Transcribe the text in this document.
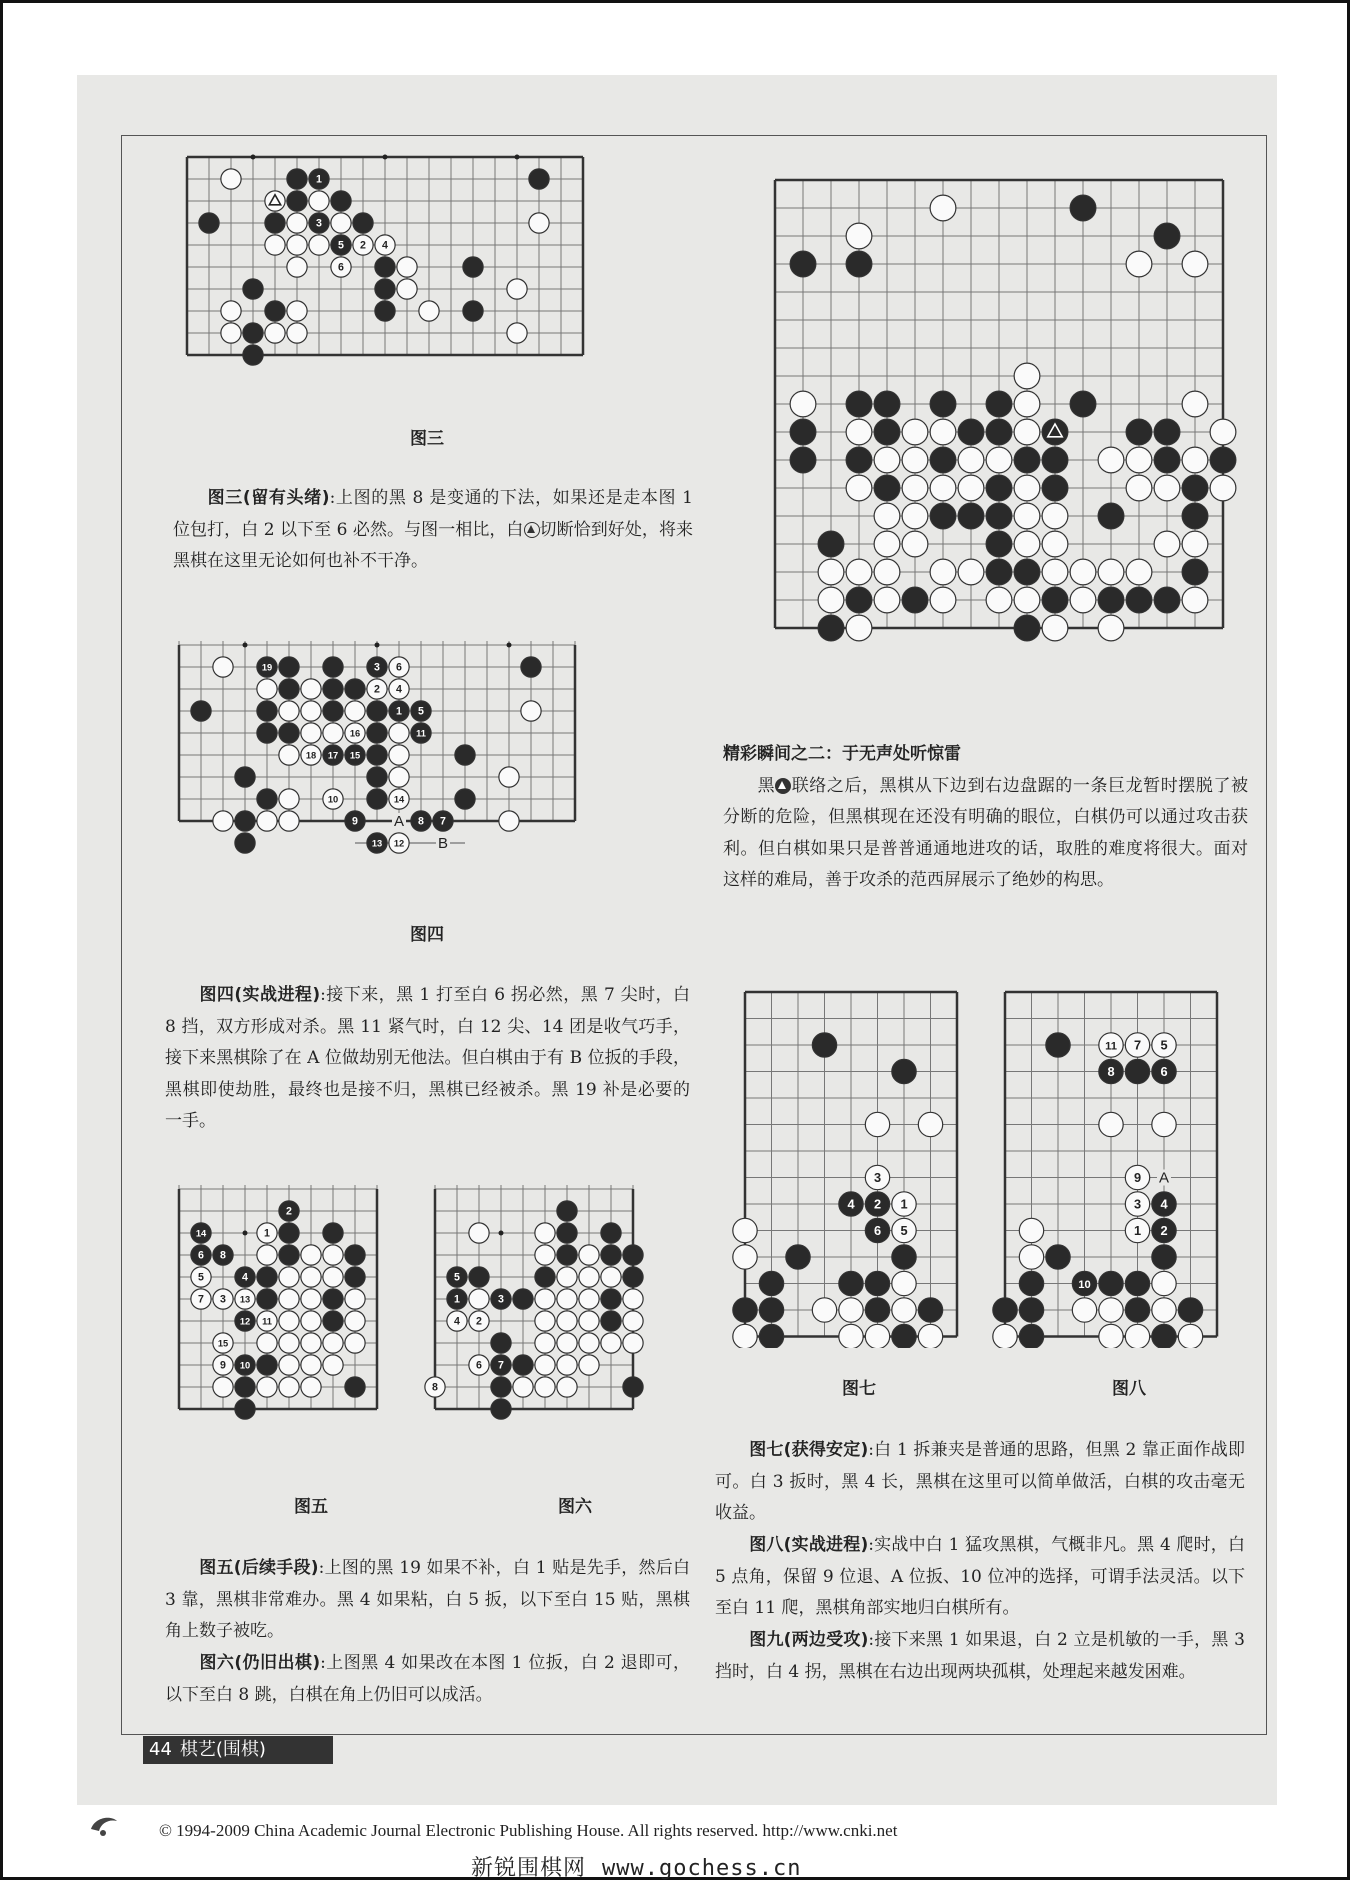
1
3
5 2 4
6
图三
图三(留有头绪):上图的黑 8 是变通的下法，如果还是走本图 1 位包打，白 2 以下至 6 必然。与图一相比，白 切断恰到好处，将来黑棋在这里无论如何也补不干净。
19	3 6
2 4
1 5
16	11
18 17 15
10	14
9	8 7
13 12
A
B
图四
图四(实战进程):接下来，黑 1 打至白 6 拐必然，黑 7 尖时，白 8 挡，双方形成对杀。黑 11 紧气时，白 12 尖、14 团是收气巧手，接下来黑棋除了在 A 位做劫别无他法。但白棋由于有 B 位扳的手段，黑棋即使劫胜，最终也是接不归，黑棋已经被杀。黑 19 补是必要的一手。
2
14	1
6 8
5	4
7 3 13
12 11
15
9 10
图五
5
1	3
4 2
6 7
8
图六
图五(后续手段):上图的黑 19 如果不补，白 1 贴是先手，然后白 3 靠，黑棋非常难办。黑 4 如果粘，白 5 扳，以下至白 15 贴，黑棋角上数子被吃。
图六(仍旧出棋):上图黑 4 如果改在本图 1 位扳，白 2 退即可，以下至白 8 跳，白棋在角上仍旧可以成活。
精彩瞬间之二：于无声处听惊雷
黑 联络之后，黑棋从下边到右边盘踞的一条巨龙暂时摆脱了被分断的危险，但黑棋现在还没有明确的眼位，白棋仍可以通过攻击获利。但白棋如果只是普普通通地进攻的话，取胜的难度将很大。面对这样的难局，善于攻杀的范西屏展示了绝妙的构思。
3
4 2 1
6 5
图七
11 7 5
8	6
9
3 4
1 2
10
A
图八
图七(获得安定):白 1 拆兼夹是普通的思路，但黑 2 靠正面作战即可。白 3 扳时，黑 4 长，黑棋在这里可以简单做活，白棋的攻击毫无收益。
图八(实战进程):实战中白 1 猛攻黑棋，气概非凡。黑 4 爬时，白 5 点角，保留 9 位退、A 位扳、10 位冲的选择，可谓手法灵活。以下至白 11 爬，黑棋角部实地归白棋所有。
图九(两边受攻):接下来黑 1 如果退，白 2 立是机敏的一手，黑 3 挡时，白 4 拐，黑棋在右边出现两块孤棋，处理起来越发困难。
44 棋艺(围棋)
© 1994-2009 China Academic Journal Electronic Publishing House. All rights reserved. http://www.cnki.net
新锐围棋网 www.gochess.cn
